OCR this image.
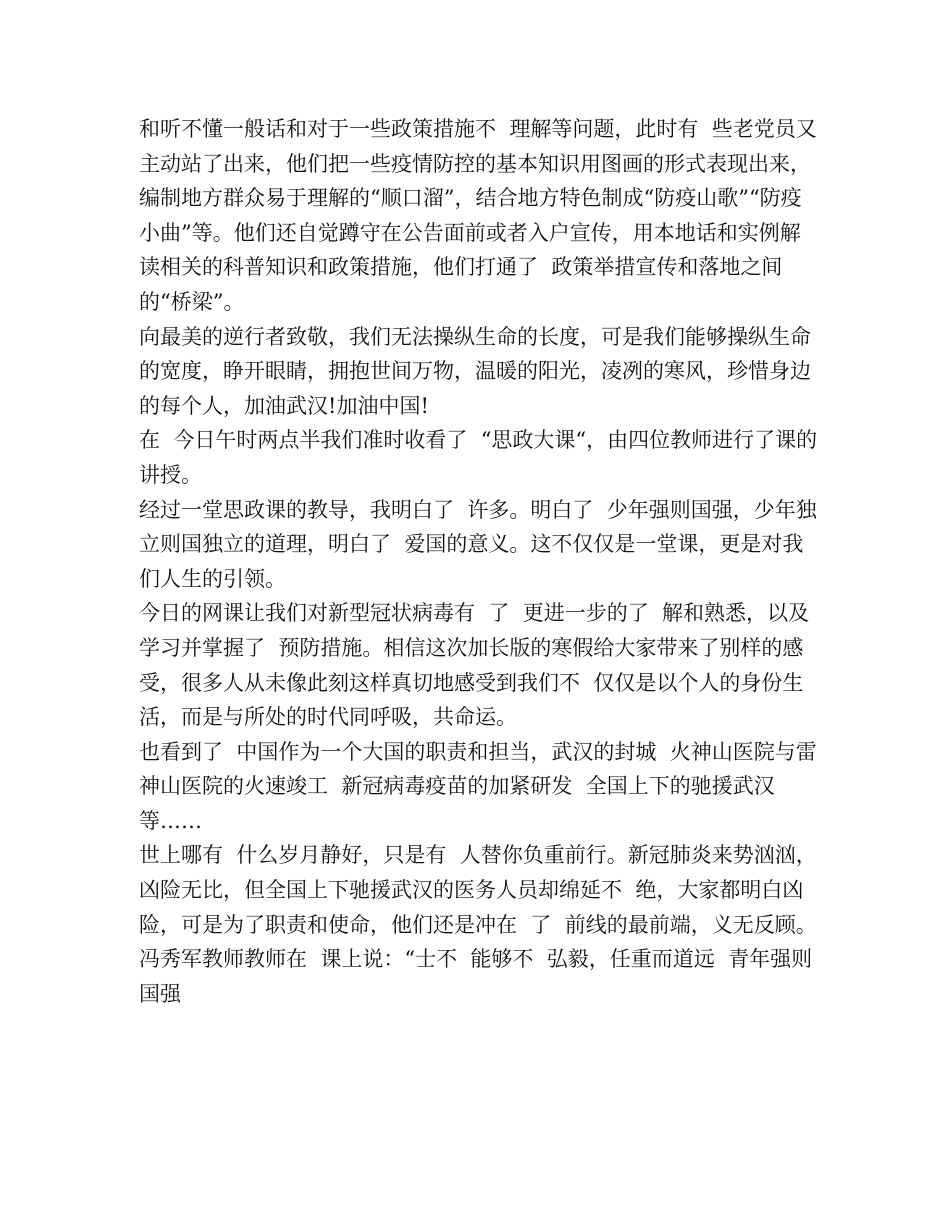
和听不懂一般话和对于一些政策措施不  理解等问题，此时有  些老党员又主动站了出来，他们把一些疫情防控的基本知识用图画的形式表现出来，编制地方群众易于理解的“顺口溜”，结合地方特色制成“防疫山歌”“防疫小曲”等。他们还自觉蹲守在公告面前或者入户宣传，用本地话和实例解读相关的科普知识和政策措施，他们打通了  政策举措宣传和落地之间的“桥梁”。

向最美的逆行者致敬，我们无法操纵生命的长度，可是我们能够操纵生命的宽度，睁开眼睛，拥抱世间万物，温暖的阳光，凌冽的寒风，珍惜身边的每个人，加油武汉!加油中国!

在  今日午时两点半我们准时收看了  “思政大课“，由四位教师进行了课的讲授。

经过一堂思政课的教导，我明白了  许多。明白了  少年强则国强，少年独立则国独立的道理，明白了  爱国的意义。这不仅仅是一堂课，更是对我们人生的引领。

今日的网课让我们对新型冠状病毒有  了  更进一步的了  解和熟悉，以及  学习并掌握了  预防措施。相信这次加长版的寒假给大家带来了别样的感受，很多人从未像此刻这样真切地感受到我们不  仅仅是以个人的身份生活，而是与所处的时代同呼吸，共命运。

也看到了  中国作为一个大国的职责和担当，武汉的封城  火神山医院与雷神山医院的火速竣工  新冠病毒疫苗的加紧研发  全国上下的驰援武汉等……

世上哪有  什么岁月静好，只是有  人替你负重前行。新冠肺炎来势汹汹，凶险无比，但全国上下驰援武汉的医务人员却绵延不  绝，大家都明白凶险，可是为了职责和使命，他们还是冲在  了  前线的最前端，义无反顾。

冯秀军教师教师在  课上说：“士不  能够不  弘毅，任重而道远  青年强则国强
